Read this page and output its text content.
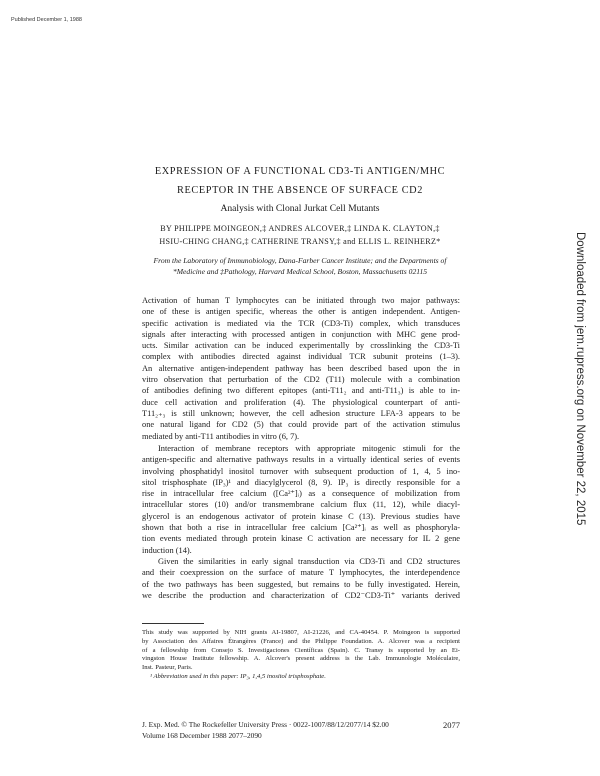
Published December 1, 1988
Downloaded from jem.rupress.org on November 22, 2015
EXPRESSION OF A FUNCTIONAL CD3-Ti ANTIGEN/MHC
RECEPTOR IN THE ABSENCE OF SURFACE CD2
Analysis with Clonal Jurkat Cell Mutants
BY PHILIPPE MOINGEON,‡ ANDRES ALCOVER,‡ LINDA K. CLAYTON,‡
HSIU-CHING CHANG,‡ CATHERINE TRANSY,‡ and ELLIS L. REINHERZ*
From the Laboratory of Immunobiology, Dana-Farber Cancer Institute; and the Departments of
*Medicine and ‡Pathology, Harvard Medical School, Boston, Massachusetts 02115
Activation of human T lymphocytes can be initiated through two major pathways:
one of these is antigen specific, whereas the other is antigen independent. Antigen-
specific activation is mediated via the TCR (CD3-Ti) complex, which transduces
signals after interacting with processed antigen in conjunction with MHC gene prod-
ucts. Similar activation can be induced experimentally by crosslinking the CD3-Ti
complex with antibodies directed against individual TCR subunit proteins (1–3).
An alternative antigen-independent pathway has been described based upon the in
vitro observation that perturbation of the CD2 (T11) molecule with a combination
of antibodies defining two different epitopes (anti-T11₂ and anti-T11₃) is able to in-
duce cell activation and proliferation (4). The physiological counterpart of anti-
T11₂₊₃ is still unknown; however, the cell adhesion structure LFA-3 appears to be
one natural ligand for CD2 (5) that could provide part of the activation stimulus
mediated by anti-T11 antibodies in vitro (6, 7).
Interaction of membrane receptors with appropriate mitogenic stimuli for the
antigen-specific and alternative pathways results in a virtually identical series of events
involving phosphatidyl inositol turnover with subsequent production of 1, 4, 5 ino-
sitol trisphosphate (IP₃)¹ and diacylglycerol (8, 9). IP₃ is directly responsible for a
rise in intracellular free calcium ([Ca²⁺]ᵢ) as a consequence of mobilization from
intracellular stores (10) and/or transmembrane calcium flux (11, 12), while diacyl-
glycerol is an endogenous activator of protein kinase C (13). Previous studies have
shown that both a rise in intracellular free calcium [Ca²⁺]ᵢ as well as phosphoryla-
tion events mediated through protein kinase C activation are necessary for IL 2 gene
induction (14).
Given the similarities in early signal transduction via CD3-Ti and CD2 structures
and their coexpression on the surface of mature T lymphocytes, the interdependence
of the two pathways has been suggested, but remains to be fully investigated. Herein,
we describe the production and characterization of CD2⁻CD3-Ti⁺ variants derived
This study was supported by NIH grants AI-19807, AI-21226, and CA-40454. P. Moingeon is supported
by Association des Affaires Étrangères (France) and the Philippe Foundation. A. Alcover was a recipient
of a fellowship from Consejo S. Investigaciones Científicas (Spain). C. Transy is supported by an Ei-
vingston House Institute fellowship. A. Alcover's present address is the Lab. Immunologie Moléculaire,
Inst. Pasteur, Paris.
¹ Abbreviation used in this paper: IP₃, 1,4,5 inositol trisphosphate.
J. Exp. Med. © The Rockefeller University Press · 0022-1007/88/12/2077/14 $2.00	2077
Volume 168 December 1988 2077–2090
